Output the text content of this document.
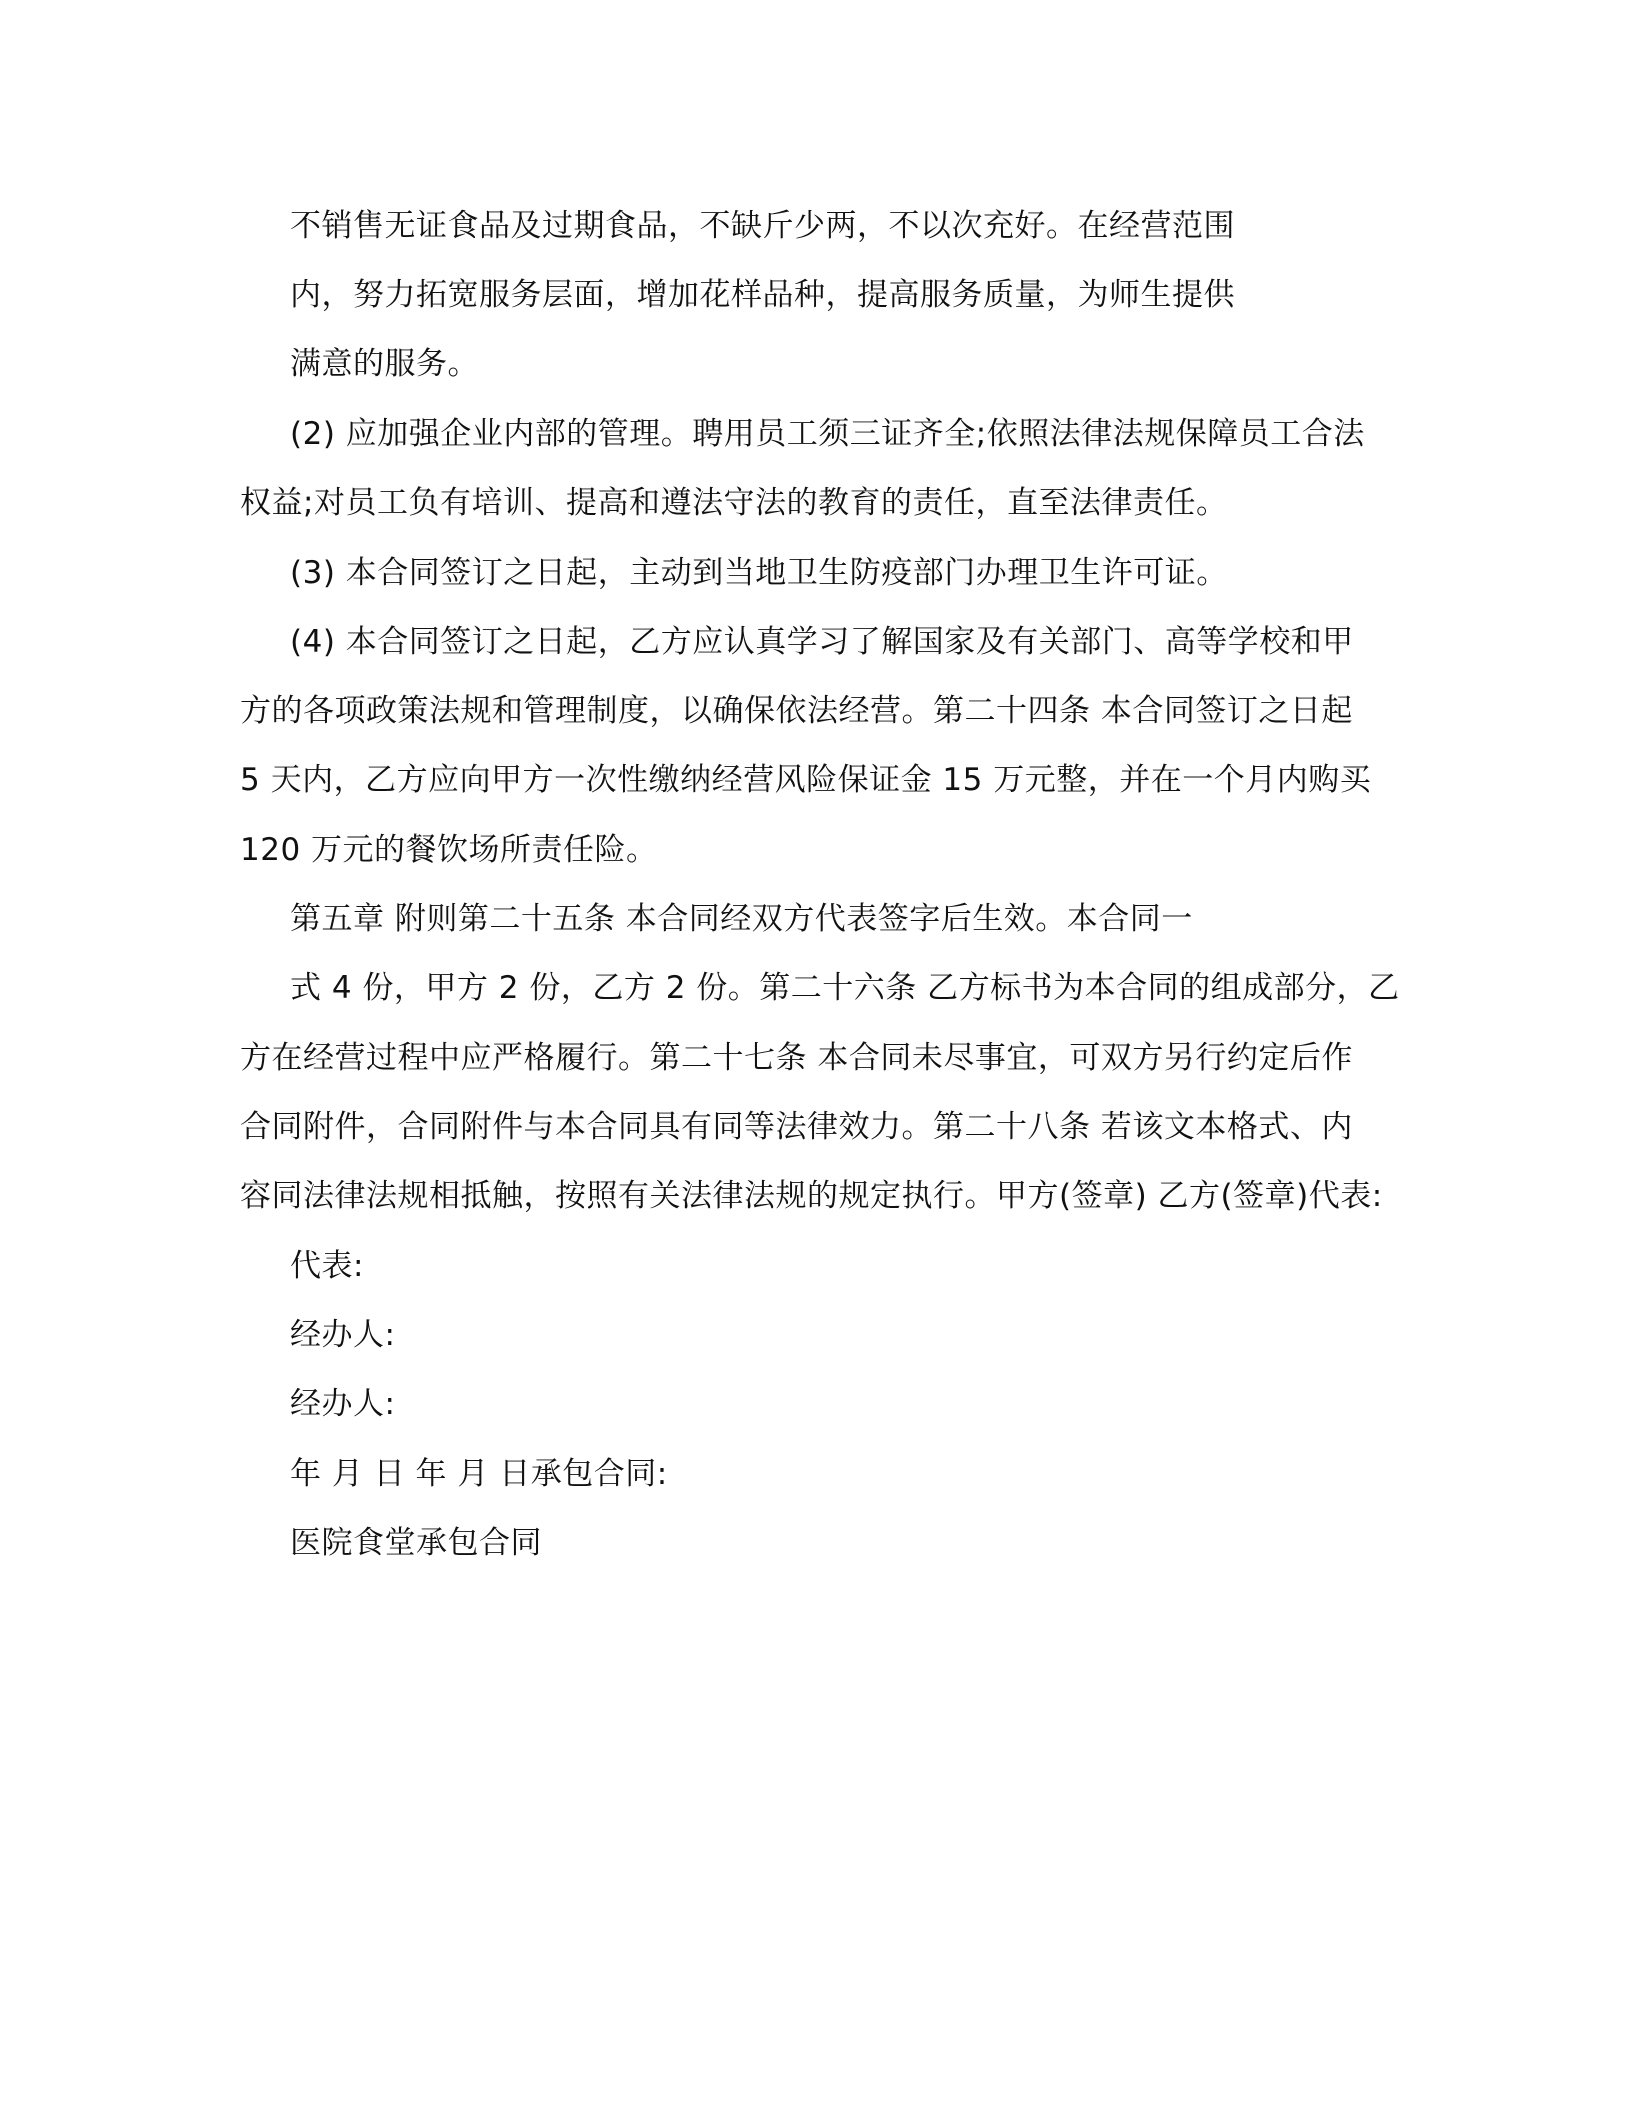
不销售无证食品及过期食品，不缺斤少两，不以次充好。在经营范围
内，努力拓宽服务层面，增加花样品种，提高服务质量，为师生提供
满意的服务。
(2) 应加强企业内部的管理。聘用员工须三证齐全;依照法律法规保障员工合法
权益;对员工负有培训、提高和遵法守法的教育的责任，直至法律责任。
(3) 本合同签订之日起，主动到当地卫生防疫部门办理卫生许可证。
(4) 本合同签订之日起，乙方应认真学习了解国家及有关部门、高等学校和甲
方的各项政策法规和管理制度，以确保依法经营。第二十四条 本合同签订之日起
5 天内，乙方应向甲方一次性缴纳经营风险保证金 15 万元整，并在一个月内购买
120 万元的餐饮场所责任险。
第五章 附则第二十五条 本合同经双方代表签字后生效。本合同一
式 4 份，甲方 2 份，乙方 2 份。第二十六条 乙方标书为本合同的组成部分，乙
方在经营过程中应严格履行。第二十七条 本合同未尽事宜，可双方另行约定后作
合同附件，合同附件与本合同具有同等法律效力。第二十八条 若该文本格式、内
容同法律法规相抵触，按照有关法律法规的规定执行。甲方(签章) 乙方(签章)代表:
代表:
经办人:
经办人:
年 月 日 年 月 日承包合同:
医院食堂承包合同
